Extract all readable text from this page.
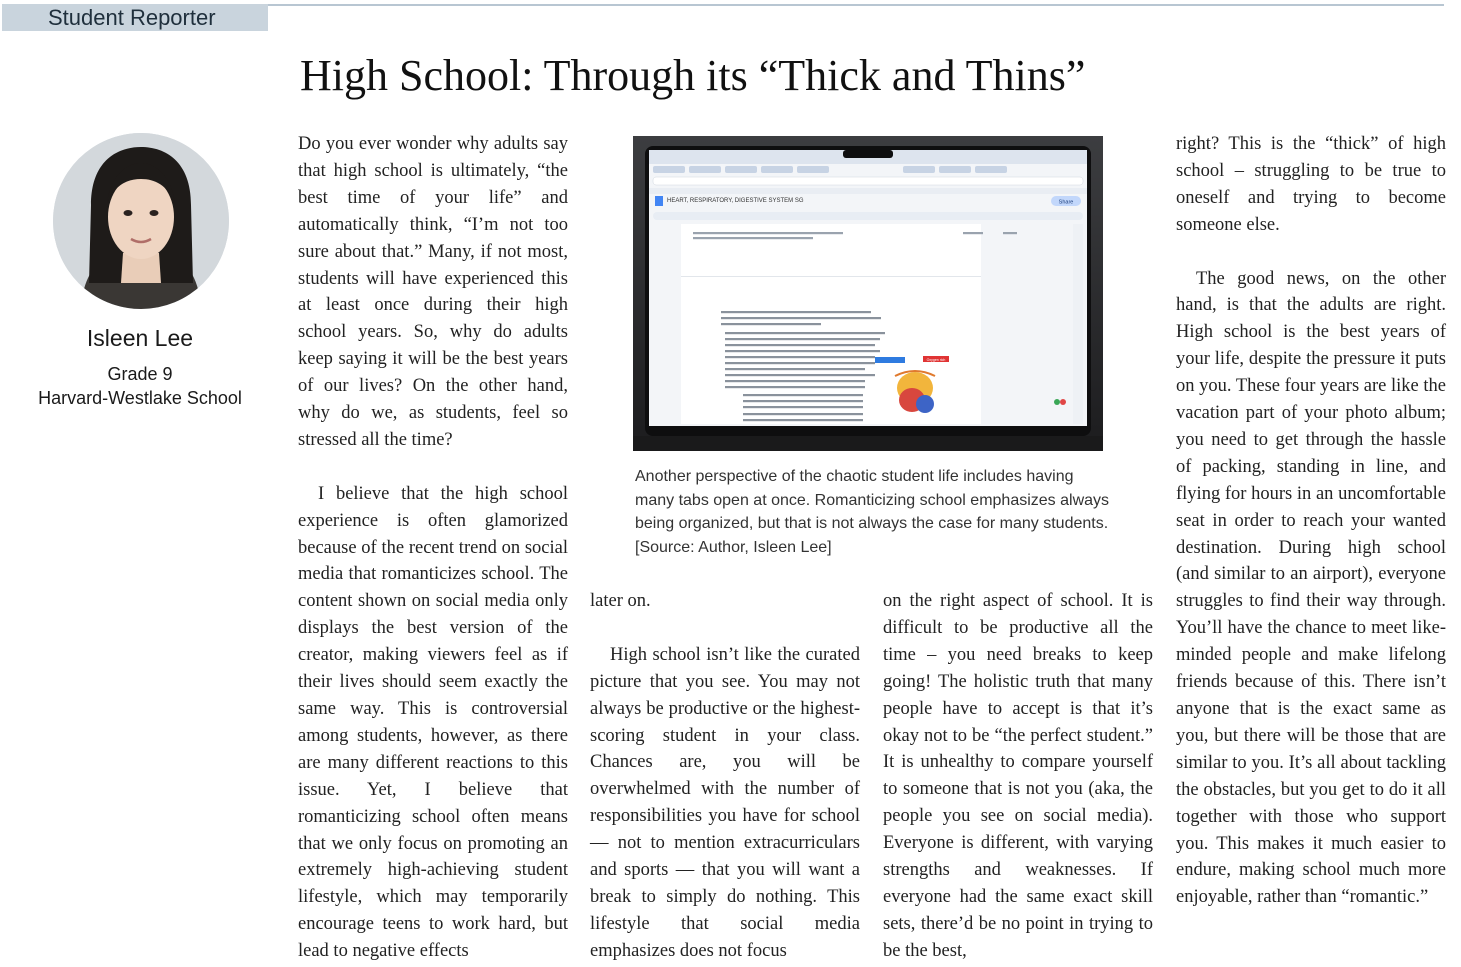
Student Reporter
High School: Through its “Thick and Thins”
Isleen Lee
Grade 9
Harvard-Westlake School

Do you ever wonder why adults say that high school is ultimately, “the best time of your life” and automatically think, “I’m not too sure about that.” Many, if not most, students will have experienced this at least once during their high school years. So, why do adults keep saying it will be the best years of our lives? On the other hand, why do we, as students, feel so stressed all the time?

I believe that the high school experience is often glamorized because of the recent trend on social media that romanticizes school. The content shown on social media only displays the best version of the creator, making viewers feel as if their lives should seem exactly the same way. This is controversial among students, however, as there are many different reactions to this issue. Yet, I believe that romanticizing school often means that we only focus on promoting an extremely high-achieving student lifestyle, which may temporarily encourage teens to work hard, but lead to negative effects

HEART, RESPIRATORY, DIGESTIVE SYSTEM SG	Share
Oxygen rich
Another perspective of the chaotic student life includes having many tabs open at once. Romanticizing school emphasizes always being organized, but that is not always the case for many students.
[Source: Author, Isleen Lee]

later on.

High school isn’t like the curated picture that you see. You may not always be productive or the highest-scoring student in your class. Chances are, you will be overwhelmed with the number of responsibilities you have for school — not to mention extracurriculars and sports — that you will want a break to simply do nothing. This lifestyle that social media emphasizes does not focus

on the right aspect of school. It is difficult to be productive all the time – you need breaks to keep going! The holistic truth that many people have to accept is that it’s okay not to be “the perfect student.” It is unhealthy to compare yourself to someone that is not you (aka, the people you see on social media). Everyone is different, with varying strengths and weaknesses. If everyone had the same exact skill sets, there’d be no point in trying to be the best,

right? This is the “thick” of high school – struggling to be true to oneself and trying to become someone else.

The good news, on the other hand, is that the adults are right. High school is the best years of your life, despite the pressure it puts on you. These four years are like the vacation part of your photo album; you need to get through the hassle of packing, standing in line, and flying for hours in an uncomfortable seat in order to reach your wanted destination. During high school (and similar to an airport), everyone struggles to find their way through. You’ll have the chance to meet like-minded people and make lifelong friends because of this. There isn’t anyone that is the exact same as you, but there will be those that are similar to you. It’s all about tackling the obstacles, but you get to do it all together with those who support you. This makes it much easier to endure, making school much more enjoyable, rather than “romantic.”
